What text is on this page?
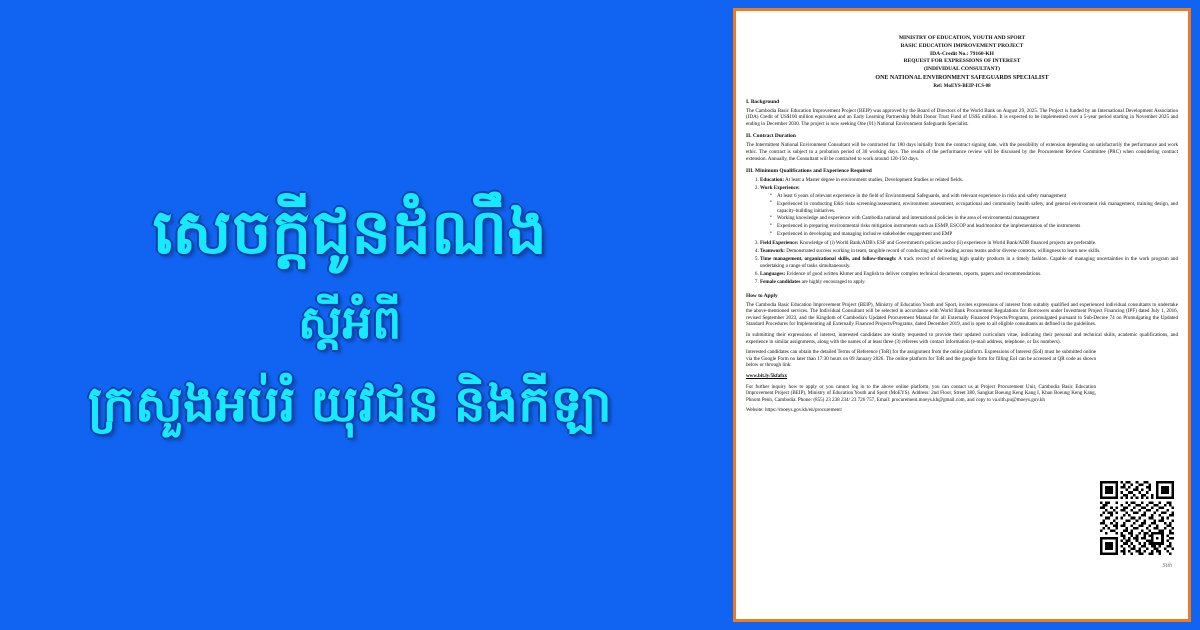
សេចក្តីជូនដំណឹង
ស្តីអំពី
ក្រសួងអប់រំ យុវជន និងកីឡា
MINISTRY OF EDUCATION, YOUTH AND SPORT
BASIC EDUCATION IMPROVEMENT PROJECT
IDA-Credit No.: 79160-KH
REQUEST FOR EXPRESSIONS OF INTEREST
(INDIVIDUAL CONSULTANT)
ONE NATIONAL ENVIRONMENT SAFEGUARDS SPECIALIST
Ref: MoEYS-BEIP-ICS-08
I. Background

The Cambodia Basic Education Improvement Project (BEIP) was approved by the Board of Directors of the World Bank on August 29, 2025. The Project is funded by an International Development Association (IDA) Credit of US$100 million equivalent and an Early Learning Partnership Multi Donor Trust Fund of US$5 million. It is expected to be implemented over a 5-year period starting in November 2025 and ending in December 2030. The project is now seeking One (01) National Environment Safeguards Specialist.

II. Contract Duration

The Intermittent National Environment Consultant will be contracted for 180 days initially from the contract signing date, with the possibility of extension depending on satisfactorily the performance and work ethic. The contract is subject to a probation period of 30 working days. The results of the performance review will be discussed by the Procurement Review Committee (PRC) when considering contract extension. Annually, the Consultant will be contracted to work around 120-150 days.

III. Minimum Qualifications and Experience Required
1. Education: At least a Master degree in environment studies, Development Studies or related fields.
2. Work Experience:
• At least 6 years of relevant experience in the field of Environmental Safeguards, and with relevant experience in risks and safety management
• Experienced in conducting E&S risks screening/assessment, environment assessment, occupational and community health safety, and general environment risk management, training design, and capacity-building initiatives.
• Working knowledge and experience with Cambodia national and international policies in the area of environmental management
• Experienced in preparing environmental risks mitigation instruments such as ESMP, ESCOP and lead/monitor the implementation of the instruments
• Experienced in developing and managing inclusive stakeholder engagement and EMP
3. Field Experience: Knowledge of (i) World Bank/ADB's ESF and Government's policies and/or (ii) experience in World Bank/ADB financed projects are preferable.
4. Teamwork: Demonstrated success working in team, tangible record of conducting and/or leading across teams and/or diverse contexts, willingness to learn new skills.
5. Time management, organizational skills, and follow-through: A track record of delivering high quality products in a timely fashion. Capable of managing uncertainties in the work program and undertaking a range of tasks simultaneously.
6. Languages: Evidence of good written Khmer and English to deliver complex technical documents, reports, papers and recommendations.
7. Female candidates are highly encouraged to apply.
How to Apply

The Cambodia Basic Education Improvement Project (BEIP), Ministry of Education Youth and Sport, invites expressions of interest from suitably qualified and experienced individual consultants to undertake the above-mentioned services. The Individual Consultant will be selected in accordance with World Bank Procurement Regulations for Borrowers under Investment Project Financing (IPF) dated July 1, 2016, revised September 2023, and the Kingdom of Cambodia's Updated Procurement Manual for all Externally Financed Projects/Programs, promulgated pursuant to Sub-Decree 74 on Promulgating the Updated Standard Procedures for Implementing all Externally Financed Projects/Programs, dated December 2019, and is open to all eligible consultants as defined in the guidelines.

In submitting their expressions of interest, interested candidates are kindly requested to provide their updated curriculum vitae, indicating their personal and technical skills, academic qualifications, and experience in similar assignments, along with the names of at least three (3) referees with contact information (e-mail address, telephone, or fax numbers).

Interested candidates can obtain the detailed Terms of Reference (ToR) for the assignment from the online platform. Expressions of Interest (EoI) must be submitted online via the Google Form no later than 17:30 hours on 09 January 2026. The online platform for ToR and the google form for filling EoI can be accessed at QR code as shown below or through link:

www.bit.ly/5kfafxx

For further inquiry how to apply or you cannot log in to the above online platform, you can contact us at Project Procurement Unit, Cambodia Basic Education Improvement Project (BEIP), Ministry of Education Youth and Sport (MoEYS). Address: 2nd Floor, Street 380, Sangkat Boeung Keng Kang I, Khan Boeung Keng Kang, Phnom Penh, Cambodia. Phone: (855) 23 238 234/ 23 726 757, Email: procurement.moeys.kh@gmail.com, and copy to va.sith.pu@moeys.gov.kh

Website: https://moeys.gov.kh/en/procurement/

Sith
